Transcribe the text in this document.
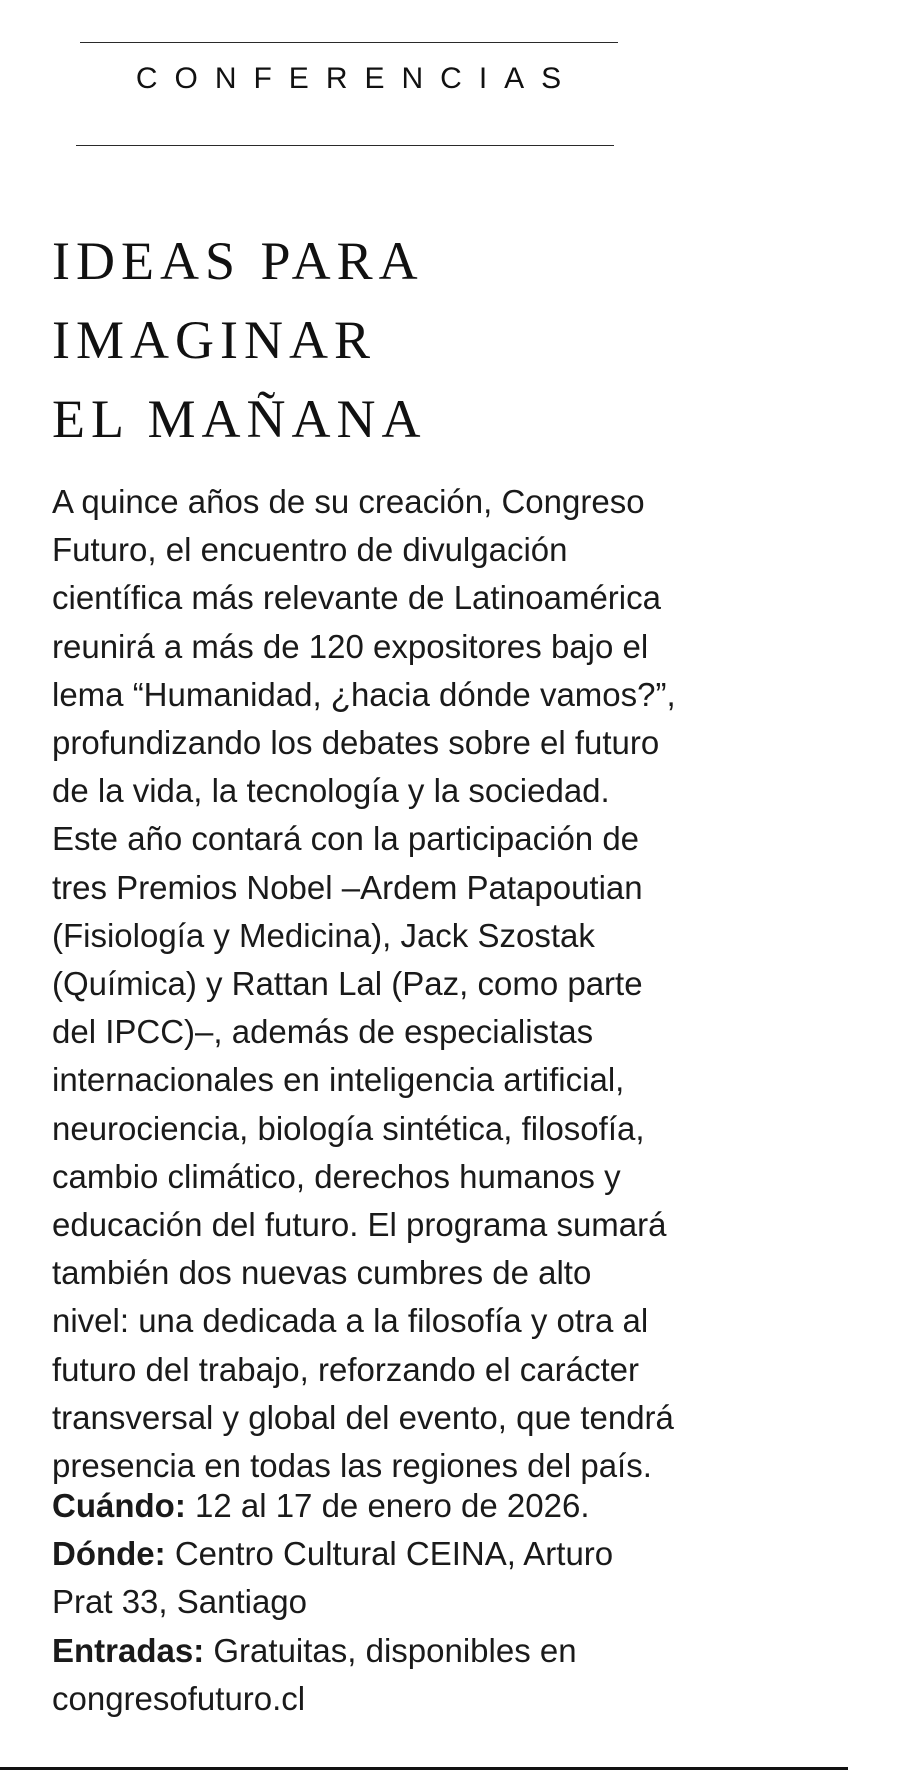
CONFERENCIAS
IDEAS PARA
IMAGINAR
EL MAÑANA

A quince años de su creación, Congreso
Futuro, el encuentro de divulgación
científica más relevante de Latinoamérica
reunirá a más de 120 expositores bajo el
lema “Humanidad, ¿hacia dónde vamos?”,
profundizando los debates sobre el futuro
de la vida, la tecnología y la sociedad.
Este año contará con la participación de
tres Premios Nobel –Ardem Patapoutian
(Fisiología y Medicina), Jack Szostak
(Química) y Rattan Lal (Paz, como parte
del IPCC)–, además de especialistas
internacionales en inteligencia artificial,
neurociencia, biología sintética, filosofía,
cambio climático, derechos humanos y
educación del futuro. El programa sumará
también dos nuevas cumbres de alto
nivel: una dedicada a la filosofía y otra al
futuro del trabajo, reforzando el carácter
transversal y global del evento, que tendrá
presencia en todas las regiones del país.

Cuándo: 12 al 17 de enero de 2026.
Dónde: Centro Cultural CEINA, Arturo
Prat 33, Santiago
Entradas: Gratuitas, disponibles en
congresofuturo.cl
